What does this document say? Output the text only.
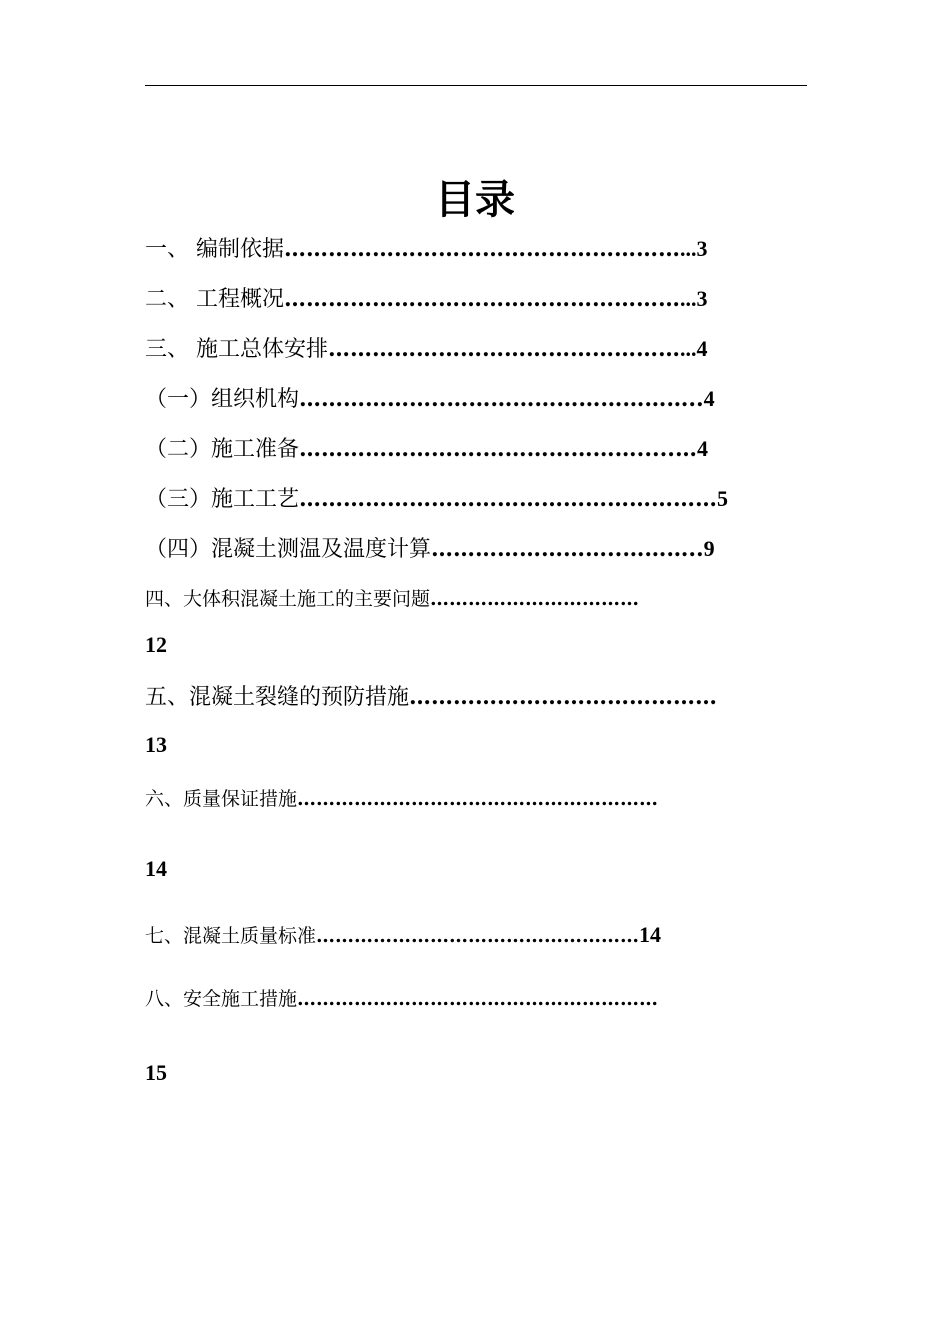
目录
一、 编制依据………………………………………………...3
二、 工程概况………………………………………………...3
三、 施工总体安排…………………………………………...4
（一）组织机构………………..……………………………..4
（二）施工准备…………………….………………….....…4
（三）施工工艺…………………………………………………5
（四）混凝土测温及温度计算……………………..………..9
四、大体积混凝土施工的主要问题……………………………
12
五、混凝土裂缝的预防措施……………………………………
13
六、质量保证措施…………………………………………………
14
七、混凝土质量标准……………………………………………14
八、安全施工措施…………………………………………………
15
